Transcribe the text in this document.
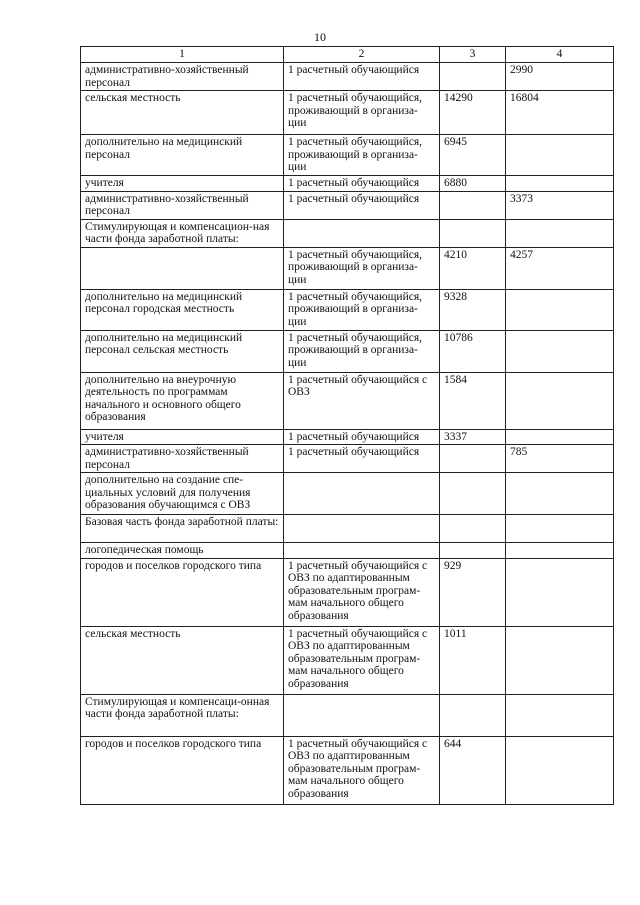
10
1	2	3	4
административно-хозяйственный персонал	1 расчетный обучающийся		2990
сельская местность	1 расчетный обучающийся, проживающий в организа-ции	14290	16804
дополнительно на медицинский персонал	1 расчетный обучающийся, проживающий в организа-ции	6945	
учителя	1 расчетный обучающийся	6880	
административно-хозяйственный персонал	1 расчетный обучающийся		3373
Стимулирующая и компенсацион-ная части фонда заработной платы:			
	1 расчетный обучающийся, проживающий в организа-ции	4210	4257
дополнительно на медицинский персонал городская местность	1 расчетный обучающийся, проживающий в организа-ции	9328	
дополнительно на медицинский персонал сельская местность	1 расчетный обучающийся, проживающий в организа-ции	10786	
дополнительно на внеурочную деятельность по программам начального и основного общего образования	1 расчетный обучающийся с ОВЗ	1584	
учителя	1 расчетный обучающийся	3337	
административно-хозяйственный персонал	1 расчетный обучающийся		785
дополнительно на создание спе-циальных условий для получения образования обучающимся с ОВЗ			
Базовая часть фонда заработной платы:			
логопедическая помощь			
городов и поселков городского типа	1 расчетный обучающийся с ОВЗ по адаптированным образовательным програм-мам начального общего образования	929	
сельская местность	1 расчетный обучающийся с ОВЗ по адаптированным образовательным програм-мам начального общего образования	1011	
Стимулирующая и компенсаци-онная части фонда заработной платы:			
городов и поселков городского типа	1 расчетный обучающийся с ОВЗ по адаптированным образовательным програм-мам начального общего образования	644	
